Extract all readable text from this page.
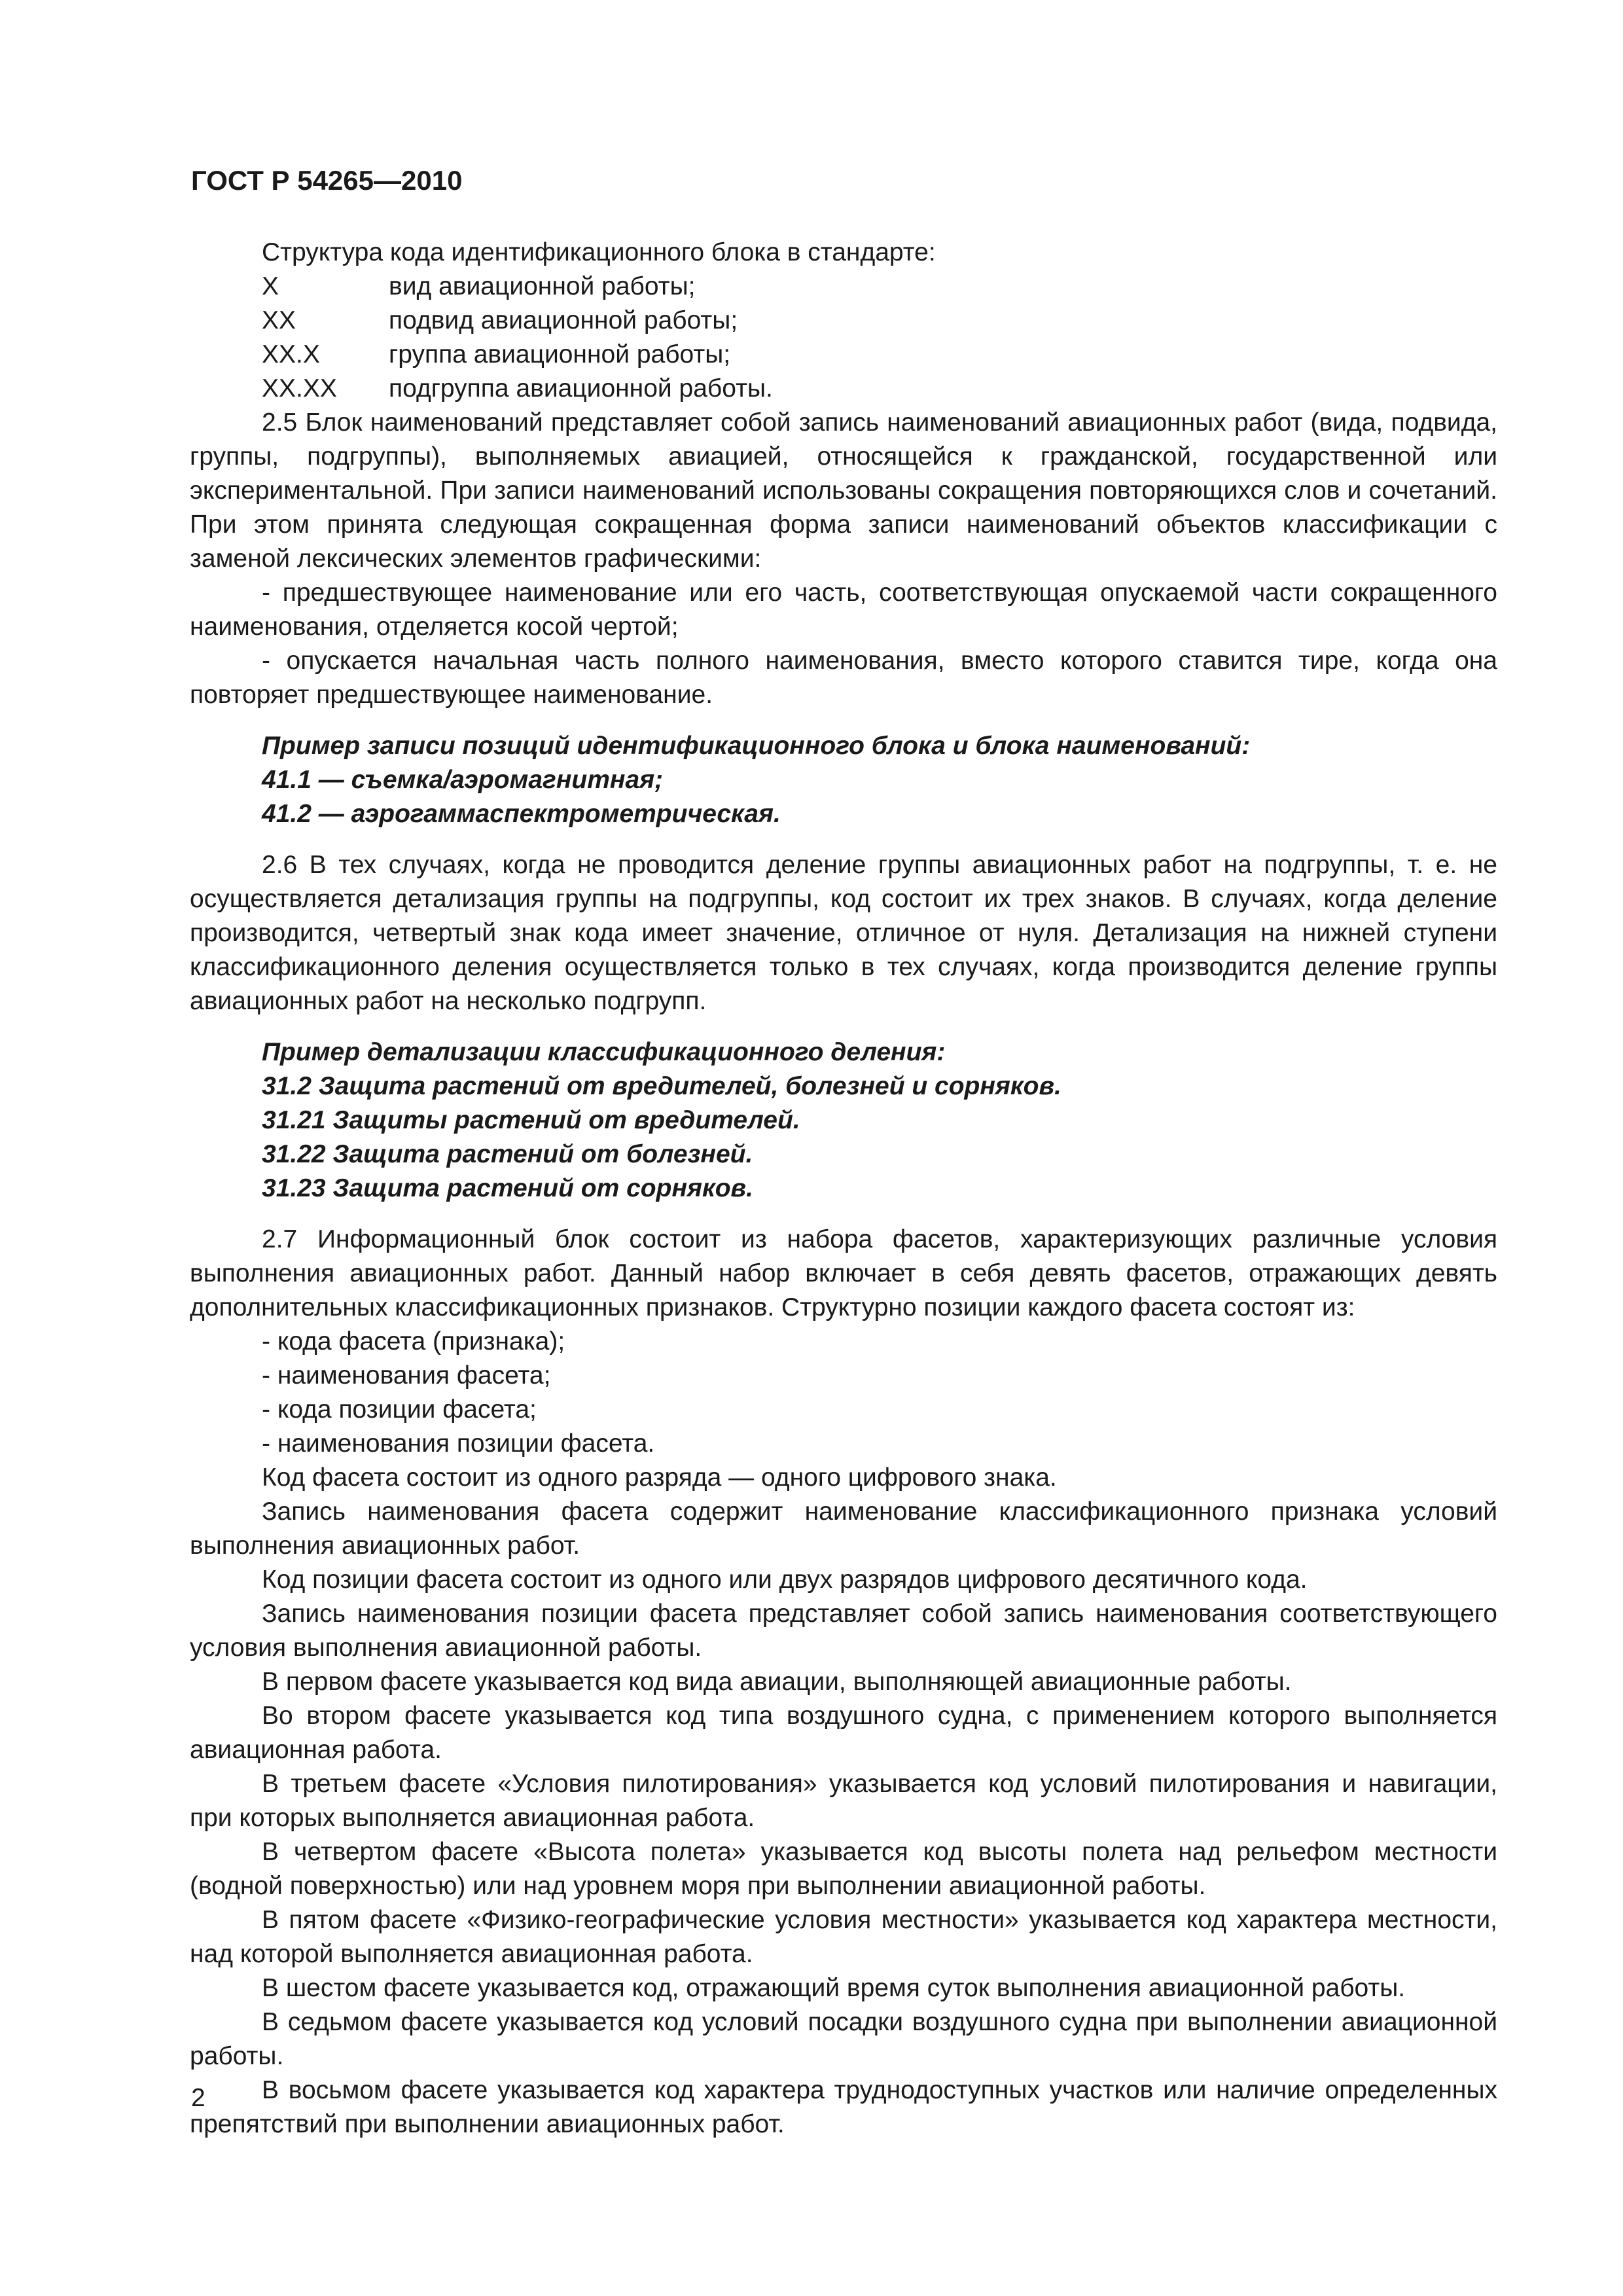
ГОСТ Р 54265—2010

Структура кода идентификационного блока в стандарте:

X	вид авиационной работы;
XX	подвид авиационной работы;
XX.X	группа авиационной работы;
XX.XX	подгруппа авиационной работы.

2.5 Блок наименований представляет собой запись наименований авиационных работ (вида, подвида, группы, подгруппы), выполняемых авиацией, относящейся к гражданской, государственной или экспериментальной. При записи наименований использованы сокращения повторяющихся слов и сочетаний. При этом принята следующая сокращенная форма записи наименований объектов классификации с заменой лексических элементов графическими:

- предшествующее наименование или его часть, соответствующая опускаемой части сокращенного наименования, отделяется косой чертой;

- опускается начальная часть полного наименования, вместо которого ставится тире, когда она повторяет предшествующее наименование.

Пример записи позиций идентификационного блока и блока наименований:

41.1 — съемка/аэромагнитная;

41.2 — аэрогаммаспектрометрическая.

2.6 В тех случаях, когда не проводится деление группы авиационных работ на подгруппы, т. е. не осуществляется детализация группы на подгруппы, код состоит их трех знаков. В случаях, когда деление производится, четвертый знак кода имеет значение, отличное от нуля. Детализация на нижней ступени классификационного деления осуществляется только в тех случаях, когда производится деление группы авиационных работ на несколько подгрупп.

Пример детализации классификационного деления:

31.2 Защита растений от вредителей, болезней и сорняков.

31.21 Защиты растений от вредителей.

31.22 Защита растений от болезней.

31.23 Защита растений от сорняков.

2.7 Информационный блок состоит из набора фасетов, характеризующих различные условия выполнения авиационных работ. Данный набор включает в себя девять фасетов, отражающих девять дополнительных классификационных признаков. Структурно позиции каждого фасета состоят из:

- кода фасета (признака);

- наименования фасета;

- кода позиции фасета;

- наименования позиции фасета.

Код фасета состоит из одного разряда — одного цифрового знака.

Запись наименования фасета содержит наименование классификационного признака условий выполнения авиационных работ.

Код позиции фасета состоит из одного или двух разрядов цифрового десятичного кода.

Запись наименования позиции фасета представляет собой запись наименования соответствующего условия выполнения авиационной работы.

В первом фасете указывается код вида авиации, выполняющей авиационные работы.

Во втором фасете указывается код типа воздушного судна, с применением которого выполняется авиационная работа.

В третьем фасете «Условия пилотирования» указывается код условий пилотирования и навигации, при которых выполняется авиационная работа.

В четвертом фасете «Высота полета» указывается код высоты полета над рельефом местности (водной поверхностью) или над уровнем моря при выполнении авиационной работы.

В пятом фасете «Физико-географические условия местности» указывается код характера местности, над которой выполняется авиационная работа.

В шестом фасете указывается код, отражающий время суток выполнения авиационной работы.

В седьмом фасете указывается код условий посадки воздушного судна при выполнении авиационной работы.

В восьмом фасете указывается код характера труднодоступных участков или наличие определенных препятствий при выполнении авиационных работ.

2
